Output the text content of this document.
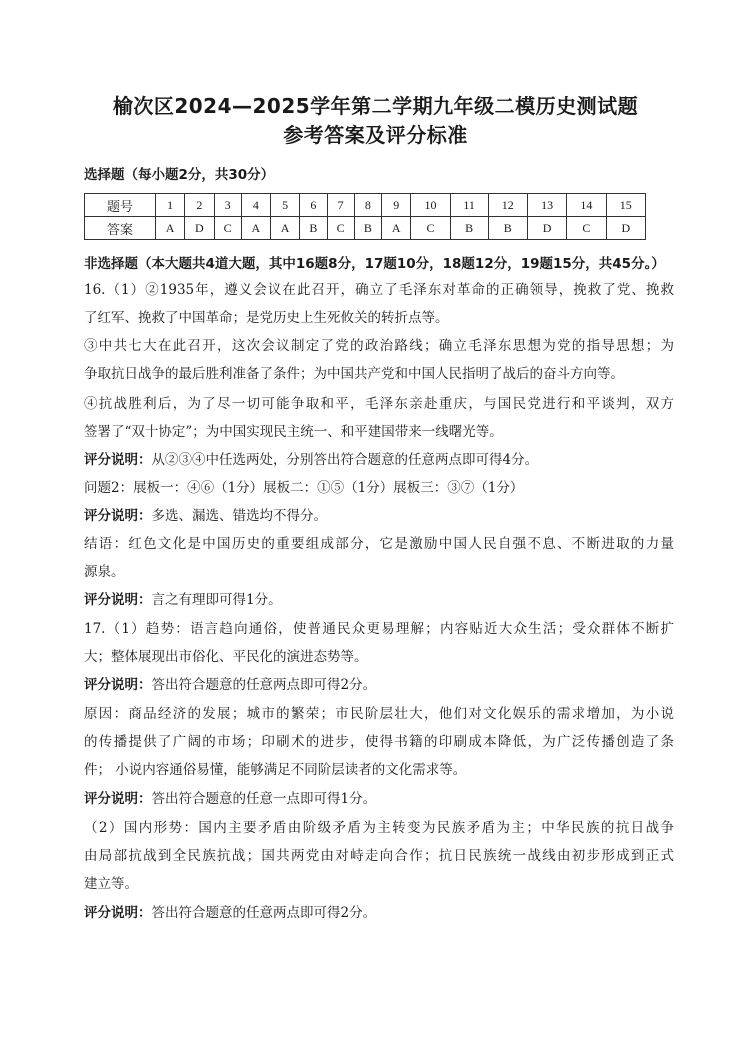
榆次区2024—2025学年第二学期九年级二模历史测试题
参考答案及评分标准
选择题（每小题2分，共30分）
题号	1	2	3	4	5	6	7	8	9	10	11	12	13	14	15
答案	A	D	C	A	A	B	C	B	A	C	B	B	D	C	D
非选择题（本大题共4道大题，其中16题8分，17题10分，18题12分，19题15分，共45分。）
16.（1）②1935年，遵义会议在此召开，确立了毛泽东对革命的正确领导，挽救了党、挽救
了红军、挽救了中国革命；是党历史上生死攸关的转折点等。
③中共七大在此召开，这次会议制定了党的政治路线；确立毛泽东思想为党的指导思想；为
争取抗日战争的最后胜利准备了条件；为中国共产党和中国人民指明了战后的奋斗方向等。
④抗战胜利后，为了尽一切可能争取和平，毛泽东亲赴重庆，与国民党进行和平谈判，双方
签署了“双十协定”；为中国实现民主统一、和平建国带来一线曙光等。
评分说明：从②③④中任选两处，分别答出符合题意的任意两点即可得4分。
问题2：展板一：④⑥（1分）展板二：①⑤（1分）展板三：③⑦（1分）
评分说明：多选、漏选、错选均不得分。
结语：红色文化是中国历史的重要组成部分，它是激励中国人民自强不息、不断进取的力量
源泉。
评分说明：言之有理即可得1分。
17.（1）趋势：语言趋向通俗，使普通民众更易理解；内容贴近大众生活；受众群体不断扩
大；整体展现出市俗化、平民化的演进态势等。
评分说明：答出符合题意的任意两点即可得2分。
原因：商品经济的发展；城市的繁荣；市民阶层壮大，他们对文化娱乐的需求增加，为小说
的传播提供了广阔的市场；印刷术的进步，使得书籍的印刷成本降低，为广泛传播创造了条
件； 小说内容通俗易懂，能够满足不同阶层读者的文化需求等。
评分说明：答出符合题意的任意一点即可得1分。
（2）国内形势：国内主要矛盾由阶级矛盾为主转变为民族矛盾为主；中华民族的抗日战争
由局部抗战到全民族抗战；国共两党由对峙走向合作；抗日民族统一战线由初步形成到正式
建立等。
评分说明：答出符合题意的任意两点即可得2分。
